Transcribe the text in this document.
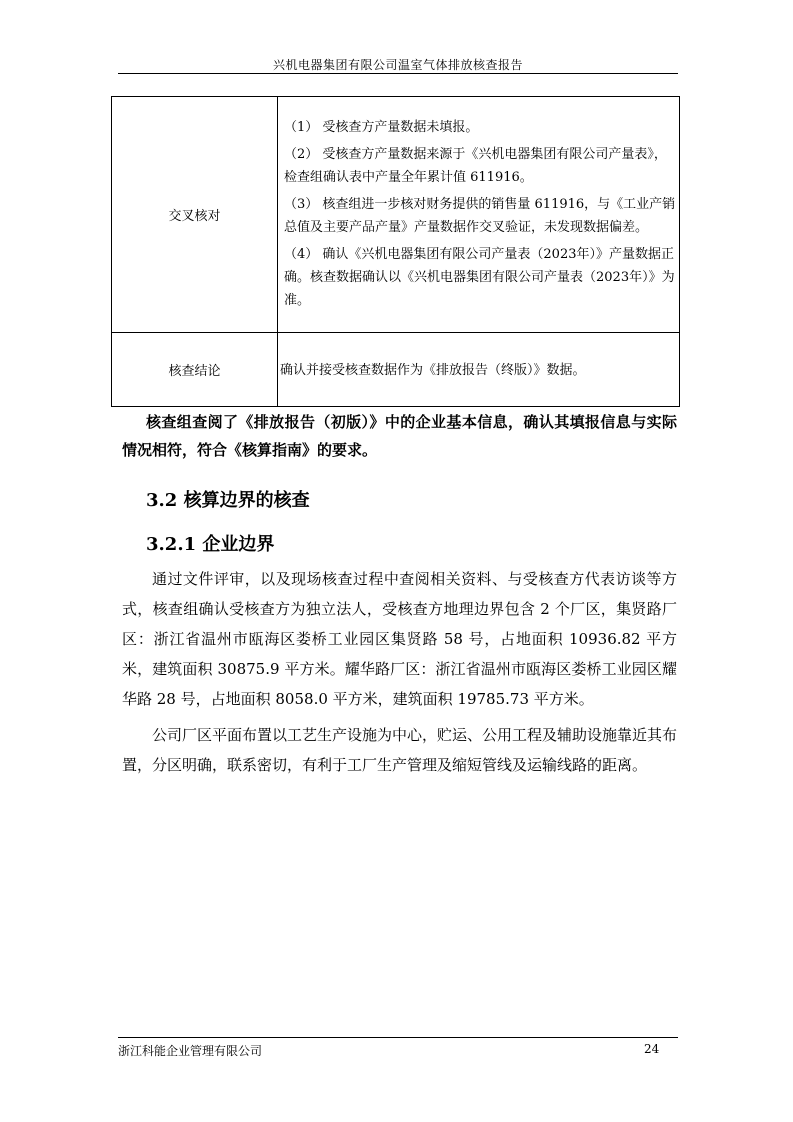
兴机电器集团有限公司温室气体排放核查报告
交叉核对	（1） 受核查方产量数据未填报。

（2） 受核查方产量数据来源于《兴机电器集团有限公司产量表》，检查组确认表中产量全年累计值 611916。

（3） 核查组进一步核对财务提供的销售量 611916，与《工业产销总值及主要产品产量》产量数据作交叉验证，未发现数据偏差。

（4） 确认《兴机电器集团有限公司产量表（2023年）》产量数据正确。核查数据确认以《兴机电器集团有限公司产量表（2023年）》为准。

核查结论	确认并接受核查数据作为《排放报告（终版）》数据。

核查组查阅了《排放报告（初版）》中的企业基本信息，确认其填报信息与实际情况相符，符合《核算指南》的要求。

3.2 核算边界的核查
3.2.1 企业边界

通过文件评审，以及现场核查过程中查阅相关资料、与受核查方代表访谈等方式，核查组确认受核查方为独立法人，受核查方地理边界包含 2 个厂区，集贤路厂区：浙江省温州市瓯海区娄桥工业园区集贤路 58 号，占地面积 10936.82 平方米，建筑面积 30875.9 平方米。耀华路厂区：浙江省温州市瓯海区娄桥工业园区耀华路 28 号，占地面积 8058.0 平方米，建筑面积 19785.73 平方米。

公司厂区平面布置以工艺生产设施为中心，贮运、公用工程及辅助设施靠近其布置，分区明确，联系密切，有利于工厂生产管理及缩短管线及运输线路的距离。

浙江科能企业管理有限公司	24
